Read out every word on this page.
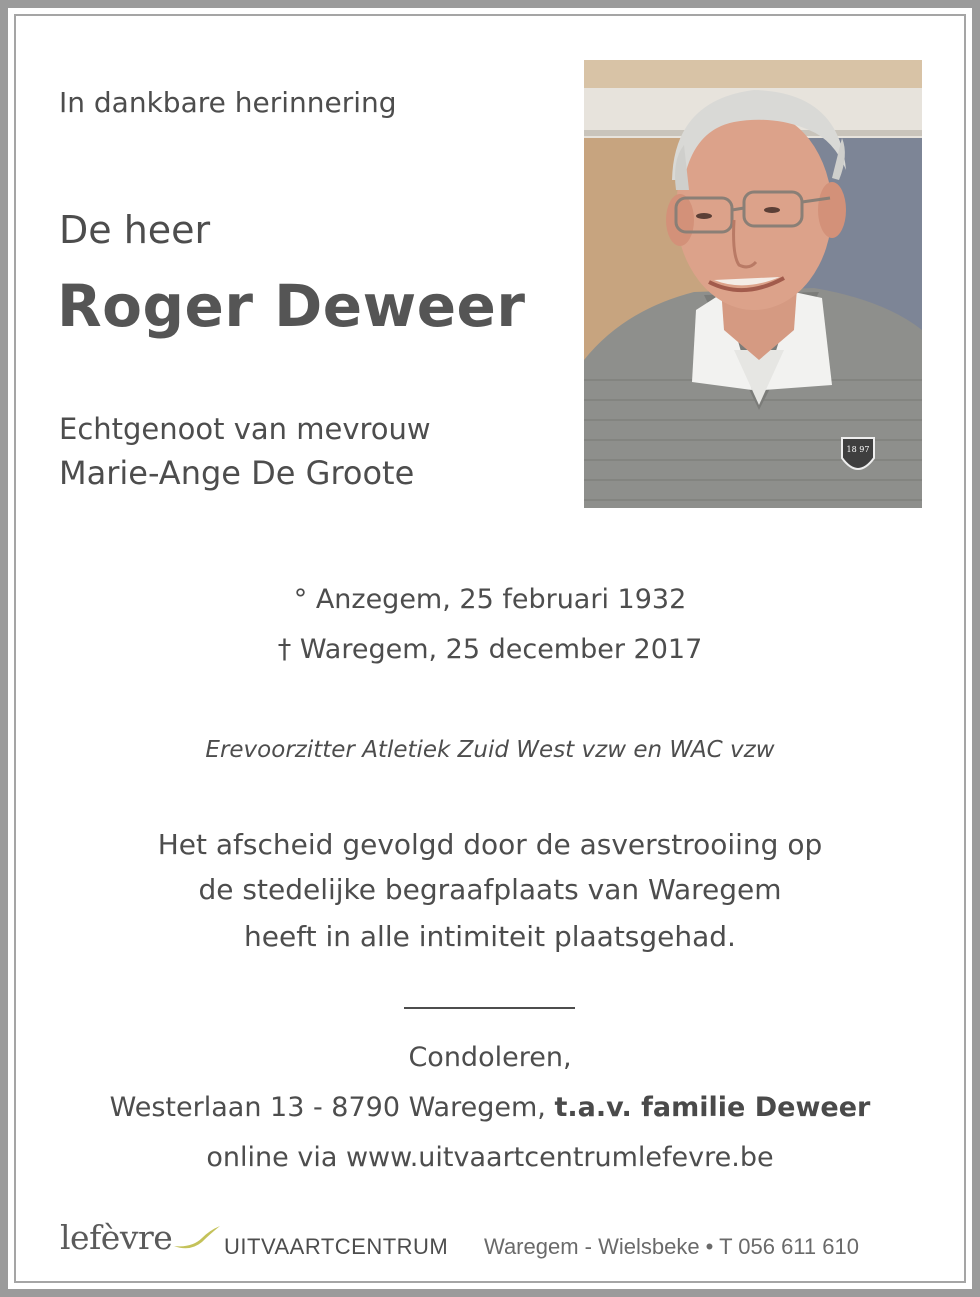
In dankbare herinnering
De heer
Roger Deweer
Echtgenoot van mevrouw
Marie-Ange De Groote
18 97
° Anzegem, 25 februari 1932
† Waregem, 25 december 2017
Erevoorzitter Atletiek Zuid West vzw en WAC vzw
Het afscheid gevolgd door de asverstrooiing op
de stedelijke begraafplaats van Waregem
heeft in alle intimiteit plaatsgehad.
Condoleren,
Westerlaan 13 - 8790 Waregem, t.a.v. familie Deweer
online via www.uitvaartcentrumlefevre.be
lefèvre UITVAARTCENTRUM Waregem - Wielsbeke • T 056 611 610
